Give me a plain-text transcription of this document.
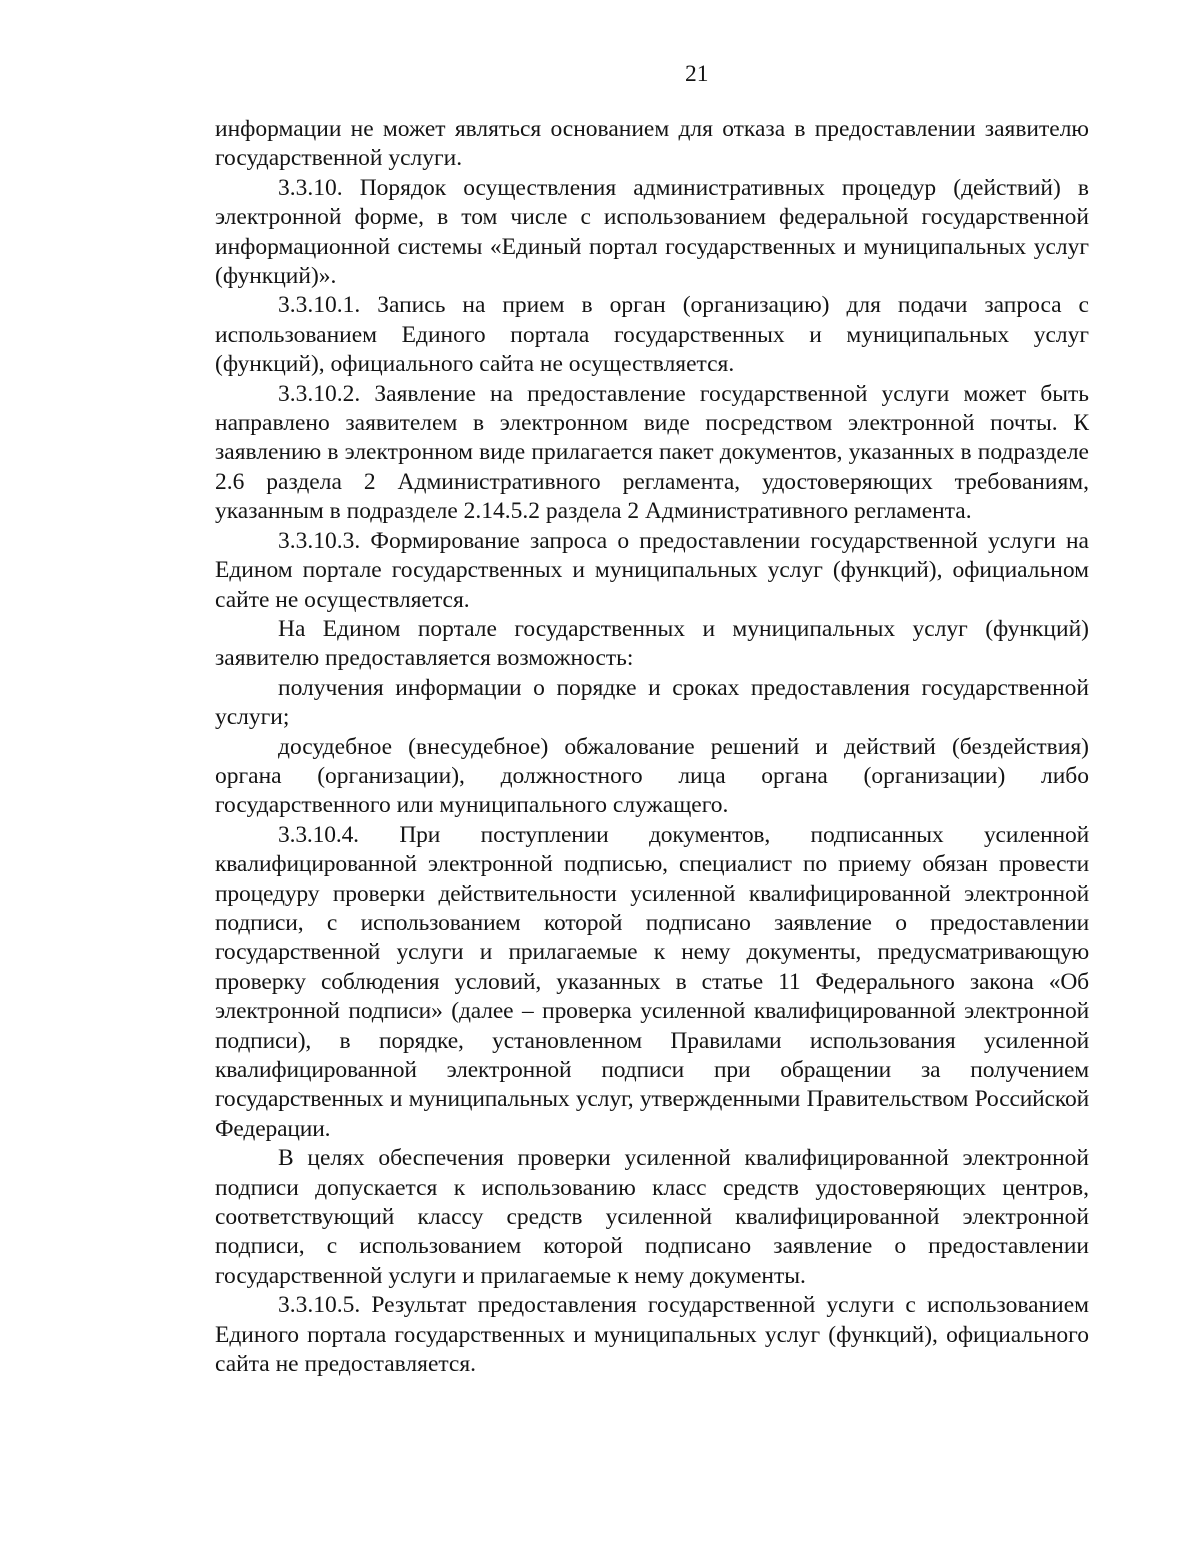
21

информации не может являться основанием для отказа в предоставлении заявителю государственной услуги.

3.3.10. Порядок осуществления административных процедур (действий) в электронной форме, в том числе с использованием федеральной государственной информационной системы «Единый портал государственных и муниципальных услуг (функций)».

3.3.10.1. Запись на прием в орган (организацию) для подачи запроса с использованием Единого портала государственных и муниципальных услуг (функций), официального сайта не осуществляется.

3.3.10.2. Заявление на предоставление государственной услуги может быть направлено заявителем в электронном виде посредством электронной почты. К заявлению в электронном виде прилагается пакет документов, указанных в подразделе 2.6 раздела 2 Административного регламента, удостоверяющих требованиям, указанным в подразделе 2.14.5.2 раздела 2 Административного регламента.

3.3.10.3. Формирование запроса о предоставлении государственной услуги на Едином портале государственных и муниципальных услуг (функций), официальном сайте не осуществляется.

На Едином портале государственных и муниципальных услуг (функций) заявителю предоставляется возможность:

получения информации о порядке и сроках предоставления государственной услуги;

досудебное (внесудебное) обжалование решений и действий (бездействия) органа (организации), должностного лица органа (организации) либо государственного или муниципального служащего.

3.3.10.4. При поступлении документов, подписанных усиленной квалифицированной электронной подписью, специалист по приему обязан провести процедуру проверки действительности усиленной квалифицированной электронной подписи, с использованием которой подписано заявление о предоставлении государственной услуги и прилагаемые к нему документы, предусматривающую проверку соблюдения условий, указанных в статье 11 Федерального закона «Об электронной подписи» (далее – проверка усиленной квалифицированной электронной подписи), в порядке, установленном Правилами использования усиленной квалифицированной электронной подписи при обращении за получением государственных и муниципальных услуг, утвержденными Правительством Российской Федерации.

В целях обеспечения проверки усиленной квалифицированной электронной подписи допускается к использованию класс средств удостоверяющих центров, соответствующий классу средств усиленной квалифицированной электронной подписи, с использованием которой подписано заявление о предоставлении государственной услуги и прилагаемые к нему документы.

3.3.10.5. Результат предоставления государственной услуги с использованием Единого портала государственных и муниципальных услуг (функций), официального сайта не предоставляется.
